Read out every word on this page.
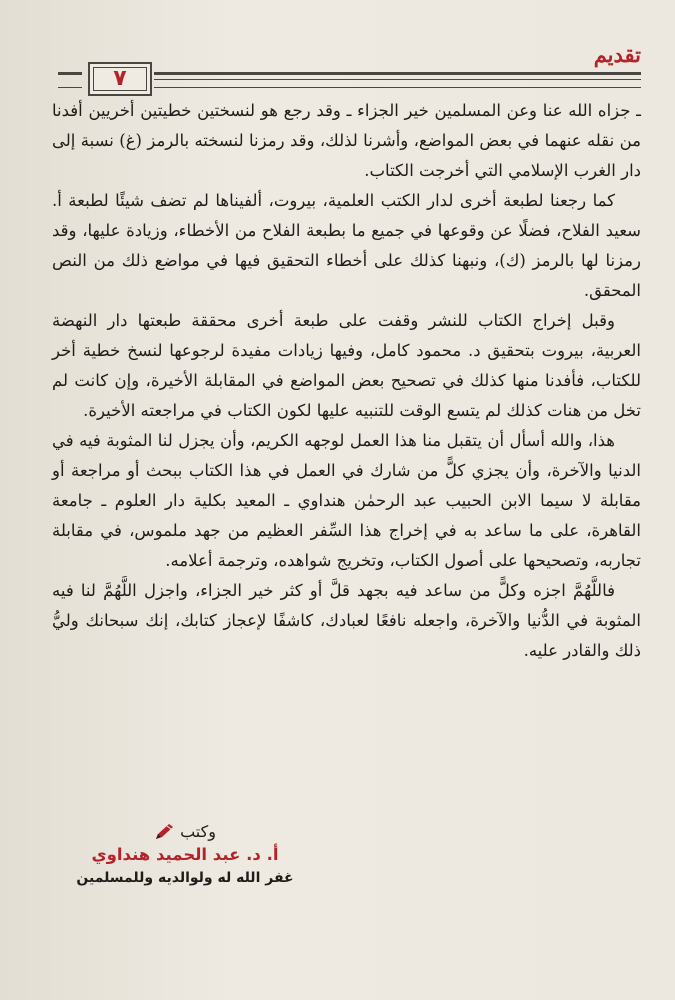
تقديم
٧

ـ جزاه الله عنا وعن المسلمين خير الجزاء ـ وقد رجع هو لنسختين خطيتين أخريين أفدنا من نقله عنهما في بعض المواضع، وأشرنا لذلك، وقد رمزنا لنسخته بالرمز (غ) نسبة إلى دار الغرب الإسلامي التي أخرجت الكتاب.

كما رجعنا لطبعة أخرى لدار الكتب العلمية، بيروت، ألفيناها لم تضف شيئًا لطبعة أ. سعيد الفلاح، فضلًا عن وقوعها في جميع ما بطبعة الفلاح من الأخطاء، وزيادة عليها، وقد رمزنا لها بالرمز (ك)، ونبهنا كذلك على أخطاء التحقيق فيها في مواضع ذلك من النص المحقق.

وقبل إخراج الكتاب للنشر وقفت على طبعة أخرى محققة طبعتها دار النهضة العربية، بيروت بتحقيق د. محمود كامل، وفيها زيادات مفيدة لرجوعها لنسخ خطية أخر للكتاب، فأفدنا منها كذلك في تصحيح بعض المواضع في المقابلة الأخيرة، وإن كانت لم تخل من هنات كذلك لم يتسع الوقت للتنبيه عليها لكون الكتاب في مراجعته الأخيرة.

هذا، والله أسأل أن يتقبل منا هذا العمل لوجهه الكريم، وأن يجزل لنا المثوبة فيه في الدنيا والآخرة، وأن يجزي كلًّ من شارك في العمل في هذا الكتاب ببحث أو مراجعة أو مقابلة لا سيما الابن الحبيب عبد الرحمٰن هنداوي ـ المعيد بكلية دار العلوم ـ جامعة القاهرة، على ما ساعد به في إخراج هذا السِّفر العظيم من جهد ملموس، في مقابلة تجاربه، وتصحيحها على أصول الكتاب، وتخريج شواهده، وترجمة أعلامه.

فاللَّهُمَّ اجزه وكلًّ من ساعد فيه بجهد قلَّ أو كثر خير الجزاء، واجزل اللَّهُمَّ لنا فيه المثوبة في الدُّنيا والآخرة، واجعله نافعًا لعبادك، كاشفًا لإعجاز كتابك، إنك سبحانك وليُّ ذلك والقادر عليه.

وكتب
أ. د. عبد الحميد هنداوي
غفر الله له ولوالديه وللمسلمين
